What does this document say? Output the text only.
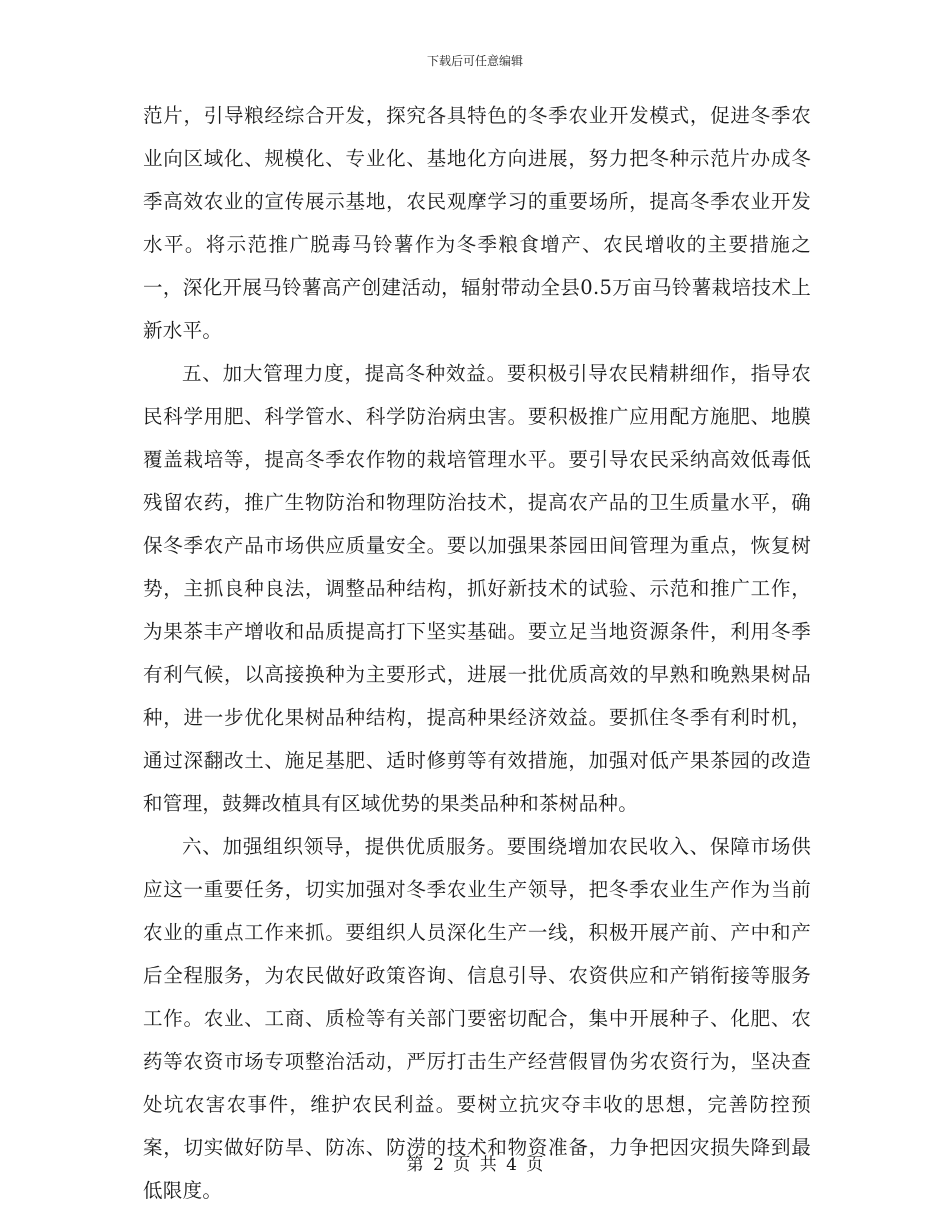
下载后可任意编辑

范片，引导粮经综合开发，探究各具特色的冬季农业开发模式，促进冬季农业向区域化、规模化、专业化、基地化方向进展，努力把冬种示范片办成冬季高效农业的宣传展示基地，农民观摩学习的重要场所，提高冬季农业开发水平。将示范推广脱毒马铃薯作为冬季粮食增产、农民增收的主要措施之一，深化开展马铃薯高产创建活动，辐射带动全县0.5万亩马铃薯栽培技术上新水平。

五、加大管理力度，提高冬种效益。要积极引导农民精耕细作，指导农民科学用肥、科学管水、科学防治病虫害。要积极推广应用配方施肥、地膜覆盖栽培等，提高冬季农作物的栽培管理水平。要引导农民采纳高效低毒低残留农药，推广生物防治和物理防治技术，提高农产品的卫生质量水平，确保冬季农产品市场供应质量安全。要以加强果茶园田间管理为重点，恢复树势，主抓良种良法，调整品种结构，抓好新技术的试验、示范和推广工作，为果茶丰产增收和品质提高打下坚实基础。要立足当地资源条件，利用冬季有利气候，以高接换种为主要形式，进展一批优质高效的早熟和晚熟果树品种，进一步优化果树品种结构，提高种果经济效益。要抓住冬季有利时机，通过深翻改土、施足基肥、适时修剪等有效措施，加强对低产果茶园的改造和管理，鼓舞改植具有区域优势的果类品种和茶树品种。

六、加强组织领导，提供优质服务。要围绕增加农民收入、保障市场供应这一重要任务，切实加强对冬季农业生产领导，把冬季农业生产作为当前农业的重点工作来抓。要组织人员深化生产一线，积极开展产前、产中和产后全程服务，为农民做好政策咨询、信息引导、农资供应和产销衔接等服务工作。农业、工商、质检等有关部门要密切配合，集中开展种子、化肥、农药等农资市场专项整治活动，严厉打击生产经营假冒伪劣农资行为，坚决查处坑农害农事件，维护农民利益。要树立抗灾夺丰收的思想，完善防控预案，切实做好防旱、防冻、防涝的技术和物资准备，力争把因灾损失降到最低限度。

第 2 页 共 4 页
